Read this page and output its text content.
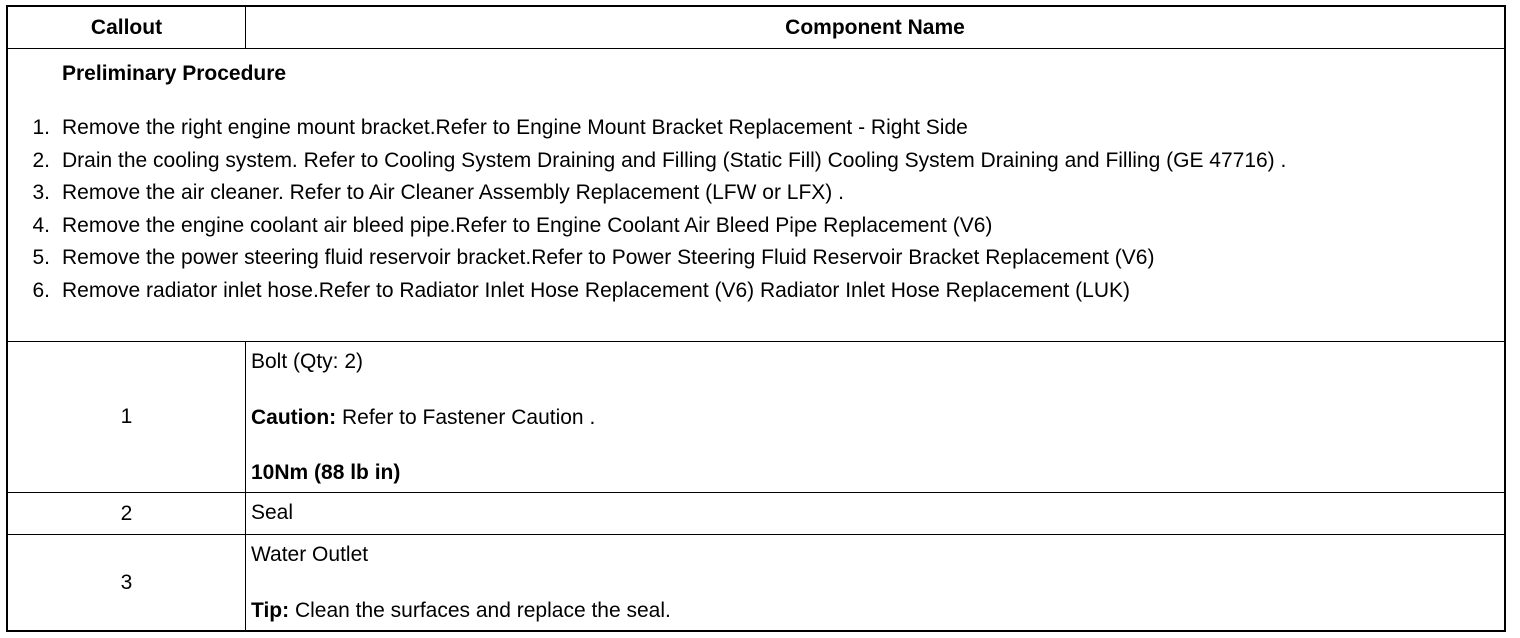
Callout	Component Name
Preliminary Procedure
1. Remove the right engine mount bracket.Refer to Engine Mount Bracket Replacement - Right Side
2. Drain the cooling system. Refer to Cooling System Draining and Filling (Static Fill) Cooling System Draining and Filling (GE 47716) .
3. Remove the air cleaner. Refer to Air Cleaner Assembly Replacement (LFW or LFX) .
4. Remove the engine coolant air bleed pipe.Refer to Engine Coolant Air Bleed Pipe Replacement (V6)
5. Remove the power steering fluid reservoir bracket.Refer to Power Steering Fluid Reservoir Bracket Replacement (V6)
6. Remove radiator inlet hose.Refer to Radiator Inlet Hose Replacement (V6) Radiator Inlet Hose Replacement (LUK)
1
Bolt (Qty: 2)
Caution: Refer to Fastener Caution .
10Nm (88 lb in)
2	Seal
3
Water Outlet
Tip: Clean the surfaces and replace the seal.
